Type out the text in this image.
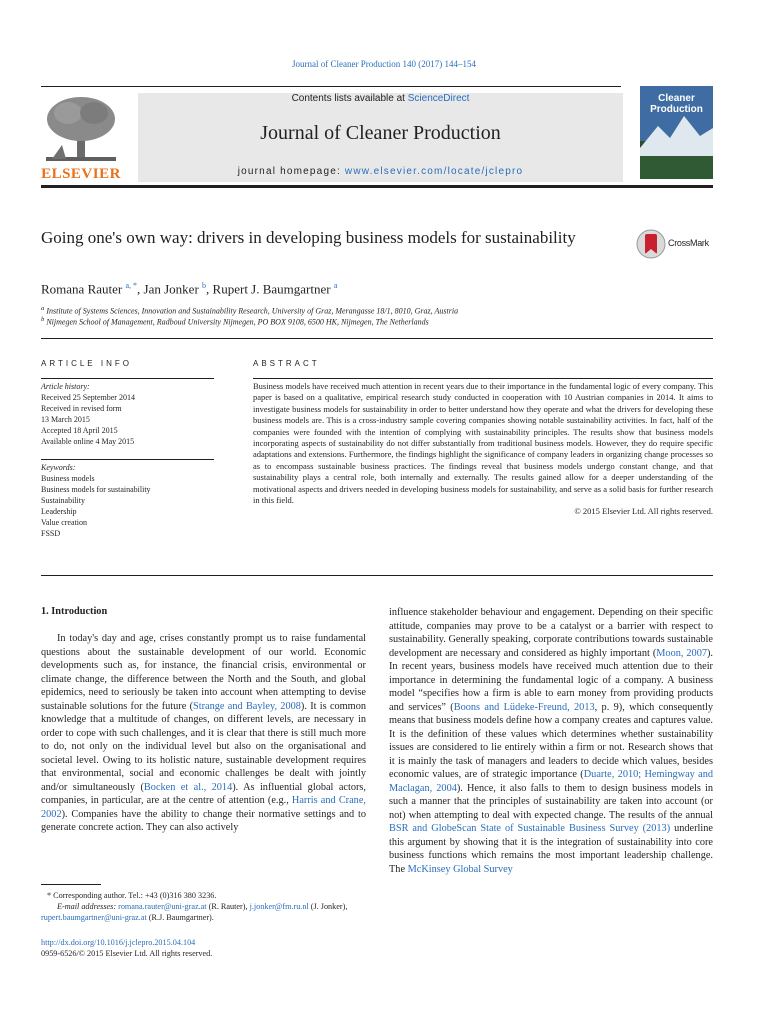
Journal of Cleaner Production 140 (2017) 144–154
ELSEVIER
Contents lists available at ScienceDirect
Journal of Cleaner Production
journal homepage: www.elsevier.com/locate/jclepro
Cleaner Production
Going one's own way: drivers in developing business models for sustainability	CrossMark
Romana Rauter $^{a, *}$, Jan Jonker $^b$, Rupert J. Baumgartner $^a$
$^a$ Institute of Systems Sciences, Innovation and Sustainability Research, University of Graz, Merangasse 18/1, 8010, Graz, Austria
$^b$ Nijmegen School of Management, Radboud University Nijmegen, PO BOX 9108, 6500 HK, Nijmegen, The Netherlands
ARTICLE INFO
Article history:
Received 25 September 2014
Received in revised form
13 March 2015
Accepted 18 April 2015
Available online 4 May 2015
Keywords:
Business models
Business models for sustainability
Sustainability
Leadership
Value creation
FSSD
ABSTRACT
Business models have received much attention in recent years due to their importance in the fundamental logic of every company. This paper is based on a qualitative, empirical research study conducted in cooperation with 10 Austrian companies in 2014. It aims to investigate business models for sustainability in order to better understand how they operate and what the drivers for developing these business models are. This is a cross-industry sample covering companies showing notable sustainability activities. In fact, half of the companies were founded with the intention of complying with sustainability principles. The results show that business models incorporating aspects of sustainability do not differ substantially from traditional business models. However, they do require specific adaptations and extensions. Furthermore, the findings highlight the significance of company leaders in organizing change processes so as to encompass sustainable business practices. The findings reveal that business models undergo constant change, and that sustainability plays a central role, both internally and externally. The results gained allow for a deeper understanding of the motivational aspects and drivers needed in developing business models for sustainability, and serve as a solid basis for further research in this field.
© 2015 Elsevier Ltd. All rights reserved.
1. Introduction

In today's day and age, crises constantly prompt us to raise fundamental questions about the sustainable development of our world. Economic developments such as, for instance, the financial crisis, environmental or climate change, the difference between the North and the South, and global epidemics, need to seriously be taken into account when attempting to devise sustainable solutions for the future (Strange and Bayley, 2008). It is common knowledge that a multitude of changes, on different levels, are necessary in order to cope with such challenges, and it is clear that there is still much more to do, not only on the individual level but also on the organisational and societal level. Owing to its holistic nature, sustainable development requires that environmental, social and economic challenges be dealt with jointly and/or simultaneously (Bocken et al., 2014). As influential global actors, companies, in particular, are at the centre of attention (e.g., Harris and Crane, 2002). Companies have the ability to change their normative settings and to generate concrete action. They can also actively

influence stakeholder behaviour and engagement. Depending on their specific attitude, companies may prove to be a catalyst or a barrier with respect to sustainability. Generally speaking, corporate contributions towards sustainable development are necessary and considered as highly important (Moon, 2007). In recent years, business models have received much attention due to their importance in determining the fundamental logic of a company. A business model “specifies how a firm is able to earn money from providing products and services” (Boons and Lüdeke-Freund, 2013, p. 9), which consequently means that business models define how a company creates and captures value. It is the definition of these values which determines whether sustainability issues are considered to lie entirely within a firm or not. Research shows that it is mainly the task of managers and leaders to decide which values, besides economic values, are of strategic importance (Duarte, 2010; Hemingway and Maclagan, 2004). Hence, it also falls to them to design business models in such a manner that the principles of sustainability are taken into account (or not) when attempting to deal with expected change. The results of the annual BSR and GlobeScan State of Sustainable Business Survey (2013) underline this argument by showing that it is the integration of sustainability into core business functions which remains the most important leadership challenge. The McKinsey Global Survey

* Corresponding author. Tel.: +43 (0)316 380 3236.
E-mail addresses: romana.rauter@uni-graz.at (R. Rauter), j.jonker@fm.ru.nl (J. Jonker), rupert.baumgartner@uni-graz.at (R.J. Baumgartner).
http://dx.doi.org/10.1016/j.jclepro.2015.04.104
0959-6526/© 2015 Elsevier Ltd. All rights reserved.
